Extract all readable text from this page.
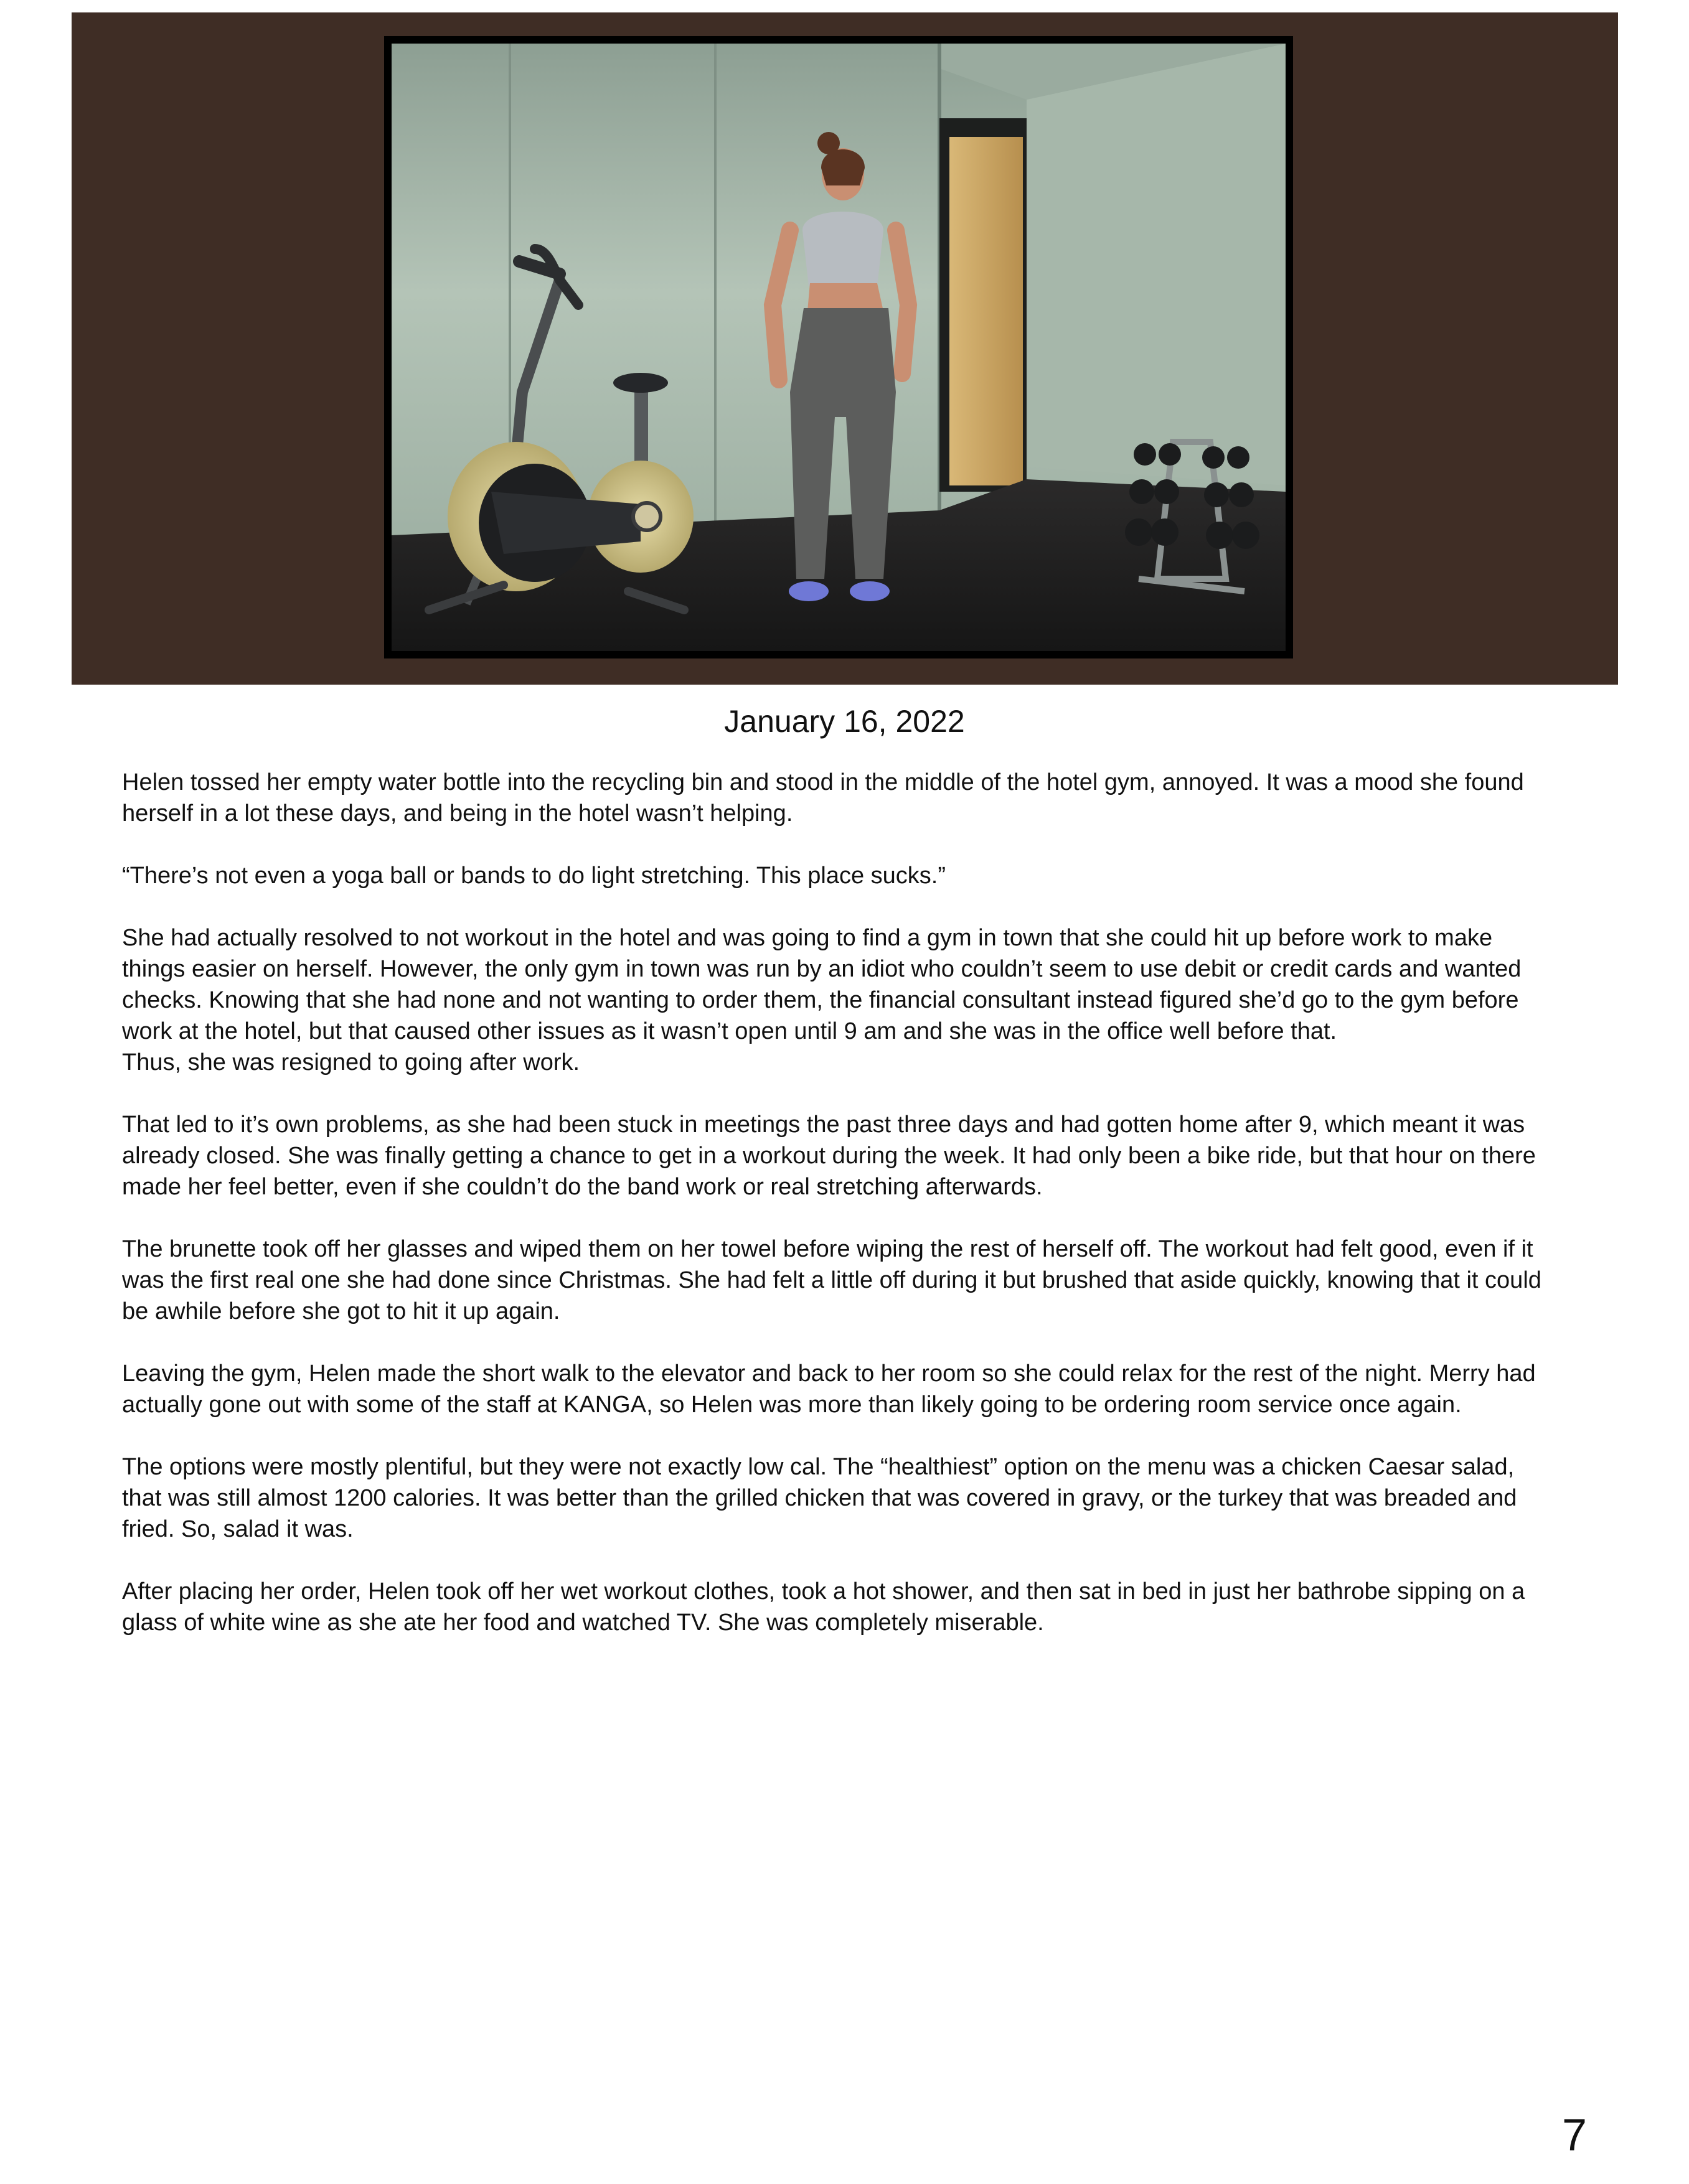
January 16, 2022

Helen tossed her empty water bottle into the recycling bin and stood in the middle of the hotel gym, annoyed. It was a mood she found herself in a lot these days, and being in the hotel wasn’t helping.

“There’s not even a yoga ball or bands to do light stretching. This place sucks.”

She had actually resolved to not workout in the hotel and was going to find a gym in town that she could hit up before work to make things easier on herself. However, the only gym in town was run by an idiot who couldn’t seem to use debit or credit cards and wanted checks. Knowing that she had none and not wanting to order them, the financial consultant instead figured she’d go to the gym before work at the hotel, but that caused other issues as it wasn’t open until 9 am and she was in the office well before that.

Thus, she was resigned to going after work.

That led to it’s own problems, as she had been stuck in meetings the past three days and had gotten home after 9, which meant it was already closed. She was finally getting a chance to get in a workout during the week. It had only been a bike ride, but that hour on there made her feel better, even if she couldn’t do the band work or real stretching afterwards.

The brunette took off her glasses and wiped them on her towel before wiping the rest of herself off. The workout had felt good, even if it was the first real one she had done since Christmas. She had felt a little off during it but brushed that aside quickly, knowing that it could be awhile before she got to hit it up again.

Leaving the gym, Helen made the short walk to the elevator and back to her room so she could relax for the rest of the night. Merry had actually gone out with some of the staff at KANGA, so Helen was more than likely going to be ordering room service once again.

The options were mostly plentiful, but they were not exactly low cal. The “healthiest” option on the menu was a chicken Caesar salad, that was still almost 1200 calories. It was better than the grilled chicken that was covered in gravy, or the turkey that was breaded and fried. So, salad it was.

After placing her order, Helen took off her wet workout clothes, took a hot shower, and then sat in bed in just her bathrobe sipping on a glass of white wine as she ate her food and watched TV. She was completely miserable.

7
